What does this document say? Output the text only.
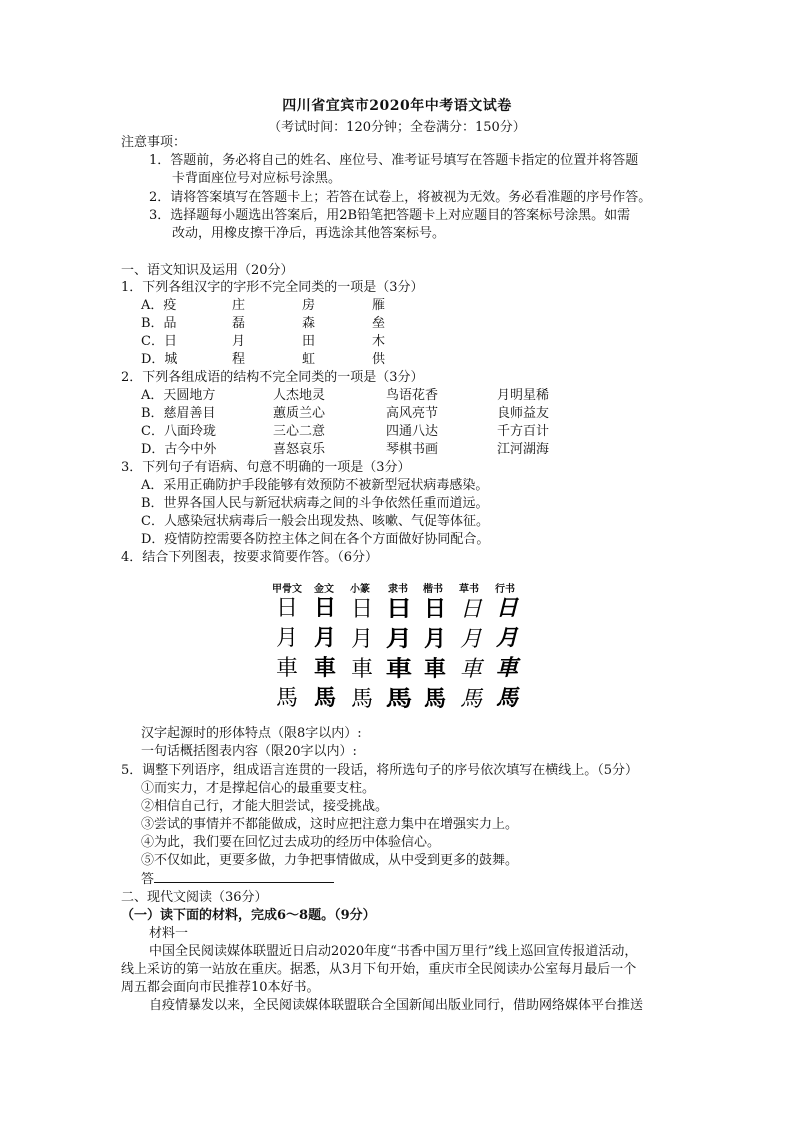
四川省宜宾市2020年中考语文试卷
（考试时间：120分钟；全卷满分：150分）
注意事项：
1．答题前，务必将自己的姓名、座位号、准考证号填写在答题卡指定的位置并将答题
卡背面座位号对应标号涂黑。
2．请将答案填写在答题卡上；若答在试卷上，将被视为无效。务必看准题的序号作答。
3．选择题每小题选出答案后，用2B铅笔把答题卡上对应题目的答案标号涂黑。如需
改动，用橡皮擦干净后，再选涂其他答案标号。
一、语文知识及运用（20分）
1．下列各组汉字的字形不完全同类的一项是（3分）
A．疫	庄	房	雁
B．品	磊	森	垒
C．日	月	田	木
D．城	程	虹	供
2．下列各组成语的结构不完全同类的一项是（3分）
A．天圆地方	人杰地灵	鸟语花香	月明星稀
B．慈眉善目	蕙质兰心	高风亮节	良师益友
C．八面玲珑	三心二意	四通八达	千方百计
D．古今中外	喜怒哀乐	琴棋书画	江河湖海
3．下列句子有语病、句意不明确的一项是（3分）
A．采用正确防护手段能够有效预防不被新型冠状病毒感染。
B．世界各国人民与新冠状病毒之间的斗争依然任重而道远。
C．人感染冠状病毒后一般会出现发热、咳嗽、气促等体征。
D．疫情防控需要各防控主体之间在各个方面做好协同配合。
4．结合下列图表，按要求简要作答。（6分）
甲骨文 金文 小篆 隶书 楷书 草书 行书
日 日 日 日 日 日 日
月 月 月 月 月 月 月
車 車 車 車 車 車 車
馬 馬 馬 馬 馬 馬 馬
汉字起源时的形体特点（限8字以内）:
一句话概括图表内容（限20字以内）:
5．调整下列语序，组成语言连贯的一段话，将所选句子的序号依次填写在横线上。（5分）
①而实力，才是撑起信心的最重要支柱。
②相信自己行，才能大胆尝试，接受挑战。
③尝试的事情并不都能做成，这时应把注意力集中在增强实力上。
④为此，我们要在回忆过去成功的经历中体验信心。
⑤不仅如此，更要多做，力争把事情做成，从中受到更多的鼓舞。
答
二、现代文阅读（36分）
（一）读下面的材料，完成6～8题。（9分）
材料一
中国全民阅读媒体联盟近日启动2020年度“书香中国万里行”线上巡回宣传报道活动，
线上采访的第一站放在重庆。据悉，从3月下旬开始，重庆市全民阅读办公室每月最后一个
周五都会面向市民推荐10本好书。
自疫情暴发以来，全民阅读媒体联盟联合全国新闻出版业同行，借助网络媒体平台推送
